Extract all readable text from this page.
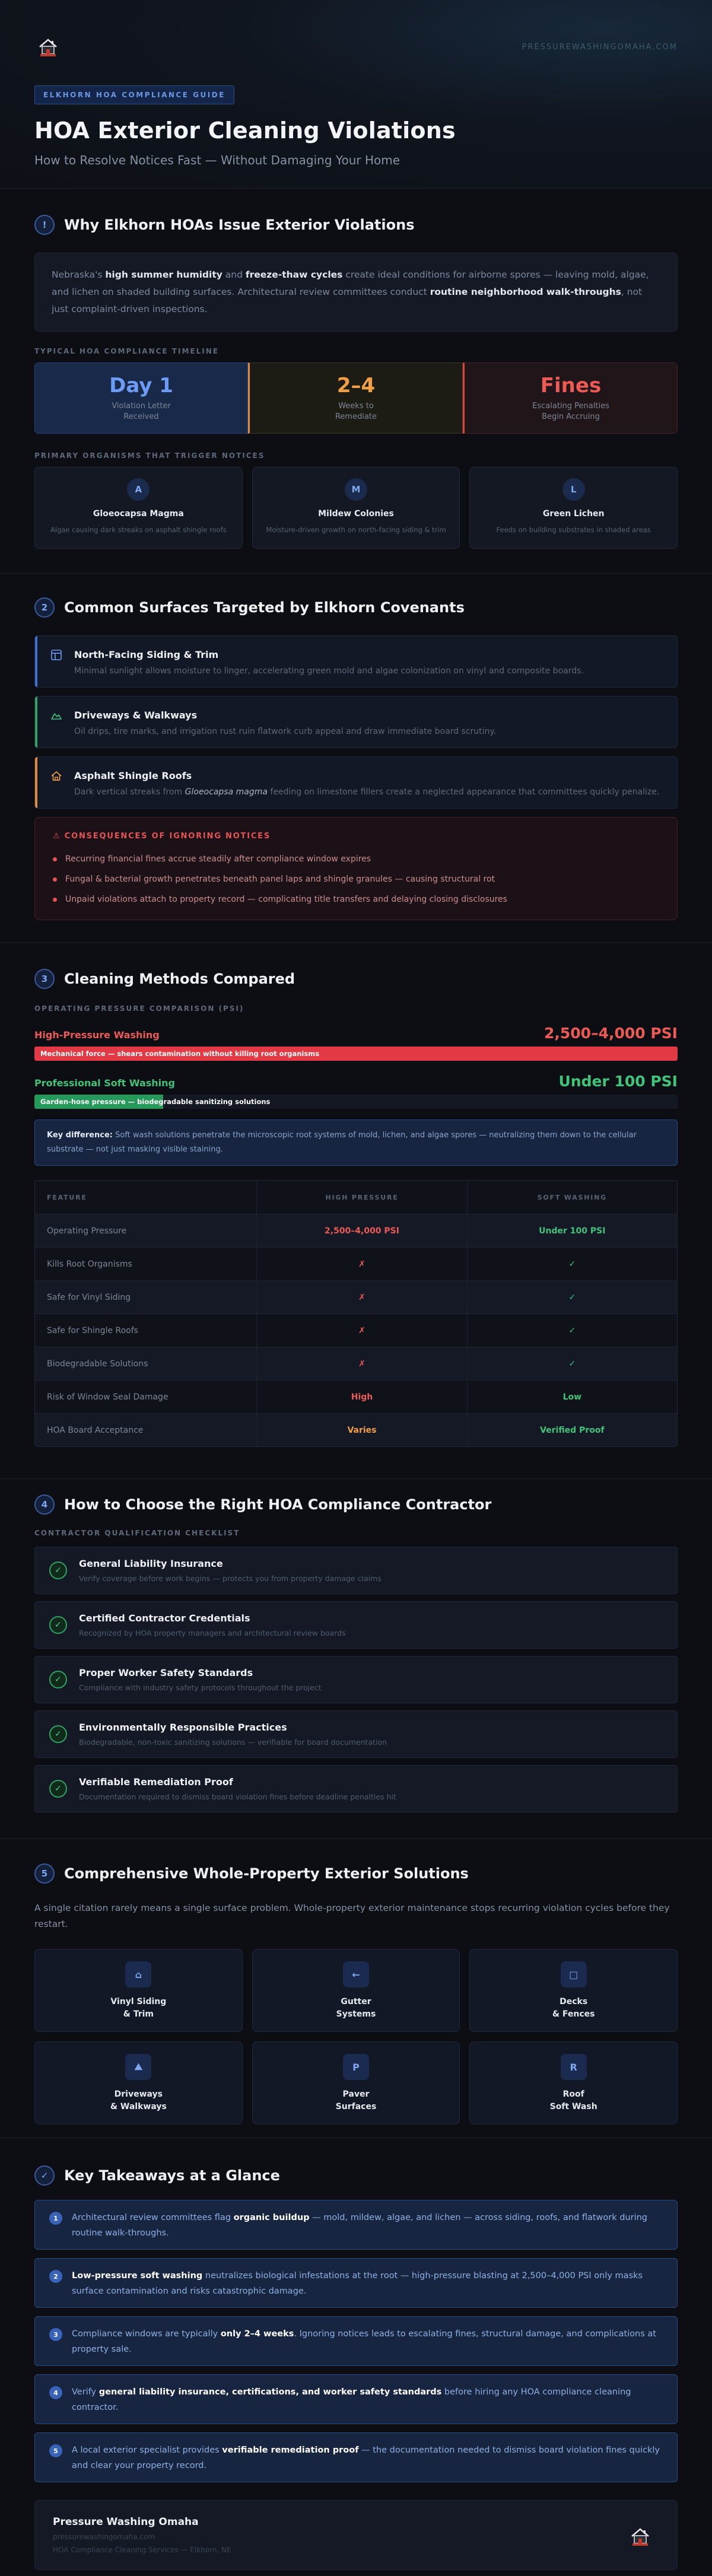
PRESSUREWASHINGOMAHA.COM
ELKHORN HOA COMPLIANCE GUIDE
HOA Exterior Cleaning Violations
How to Resolve Notices Fast — Without Damaging Your Home
!	Why Elkhorn HOAs Issue Exterior Violations
Nebraska's high summer humidity and freeze-thaw cycles create ideal conditions for airborne spores — leaving mold, algae, and lichen on shaded building surfaces. Architectural review committees conduct routine neighborhood walk-throughs, not just complaint-driven inspections.
TYPICAL HOA COMPLIANCE TIMELINE
Day 1
Violation Letter
Received
2–4
Weeks to
Remediate
Fines
Escalating Penalties
Begin Accruing
PRIMARY ORGANISMS THAT TRIGGER NOTICES
A
Gloeocapsa Magma
Algae causing dark streaks on asphalt shingle roofs
M
Mildew Colonies
Moisture-driven growth on north-facing siding & trim
L
Green Lichen
Feeds on building substrates in shaded areas
2	Common Surfaces Targeted by Elkhorn Covenants
North-Facing Siding & Trim
Minimal sunlight allows moisture to linger, accelerating green mold and algae colonization on vinyl and composite boards.
Driveways & Walkways
Oil drips, tire marks, and irrigation rust ruin flatwork curb appeal and draw immediate board scrutiny.
Asphalt Shingle Roofs
Dark vertical streaks from Gloeocapsa magma feeding on limestone fillers create a neglected appearance that committees quickly penalize.
⚠ CONSEQUENCES OF IGNORING NOTICES
Recurring financial fines accrue steadily after compliance window expires
Fungal & bacterial growth penetrates beneath panel laps and shingle granules — causing structural rot
Unpaid violations attach to property record — complicating title transfers and delaying closing disclosures
3	Cleaning Methods Compared
OPERATING PRESSURE COMPARISON (PSI)
High-Pressure Washing	2,500–4,000 PSI
Mechanical force — shears contamination without killing root organisms
Professional Soft Washing	Under 100 PSI
Garden-hose pressure — biodegradable sanitizing solutions
Key difference: Soft wash solutions penetrate the microscopic root systems of mold, lichen, and algae spores — neutralizing them down to the cellular substrate — not just masking visible staining.
FEATURE	HIGH PRESSURE	SOFT WASHING
Operating Pressure	2,500–4,000 PSI	Under 100 PSI
Kills Root Organisms	✗	✓
Safe for Vinyl Siding	✗	✓
Safe for Shingle Roofs	✗	✓
Biodegradable Solutions	✗	✓
Risk of Window Seal Damage	High	Low
HOA Board Acceptance	Varies	Verified Proof
4	How to Choose the Right HOA Compliance Contractor
CONTRACTOR QUALIFICATION CHECKLIST
✓
General Liability Insurance
Verify coverage before work begins — protects you from property damage claims
✓
Certified Contractor Credentials
Recognized by HOA property managers and architectural review boards
✓
Proper Worker Safety Standards
Compliance with industry safety protocols throughout the project
✓
Environmentally Responsible Practices
Biodegradable, non-toxic sanitizing solutions — verifiable for board documentation
✓
Verifiable Remediation Proof
Documentation required to dismiss board violation fines before deadline penalties hit
5	Comprehensive Whole-Property Exterior Solutions
A single citation rarely means a single surface problem. Whole-property exterior maintenance stops recurring violation cycles before they restart.
⌂
Vinyl Siding
& Trim
←
Gutter
Systems
□
Decks
& Fences
⛰
Driveways
& Walkways
P
Paver
Surfaces
R
Roof
Soft Wash
✓	Key Takeaways at a Glance
1	Architectural review committees flag organic buildup — mold, mildew, algae, and lichen — across siding, roofs, and flatwork during routine walk-throughs.
2	Low-pressure soft washing neutralizes biological infestations at the root — high-pressure blasting at 2,500–4,000 PSI only masks surface contamination and risks catastrophic damage.
3	Compliance windows are typically only 2–4 weeks. Ignoring notices leads to escalating fines, structural damage, and complications at property sale.
4	Verify general liability insurance, certifications, and worker safety standards before hiring any HOA compliance cleaning contractor.
5	A local exterior specialist provides verifiable remediation proof — the documentation needed to dismiss board violation fines quickly and clear your property record.
Pressure Washing Omaha
pressurewashingomaha.com
HOA Compliance Cleaning Services — Elkhorn, NE
